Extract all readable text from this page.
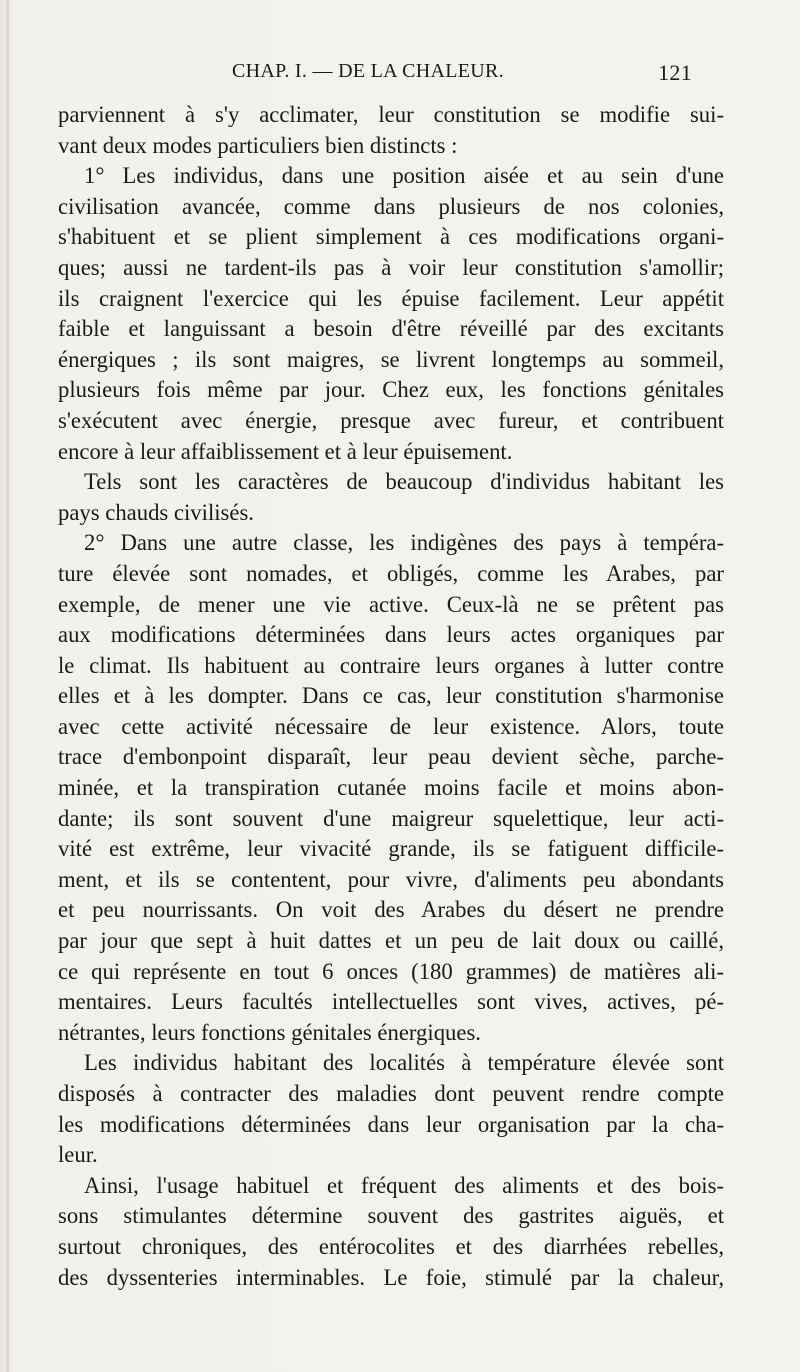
CHAP. I. — DE LA CHALEUR.	121

parviennent à s'y acclimater, leur constitution se modifie sui-

vant deux modes particuliers bien distincts :

1° Les individus, dans une position aisée et au sein d'une

civilisation avancée, comme dans plusieurs de nos colonies,

s'habituent et se plient simplement à ces modifications organi-

ques; aussi ne tardent-ils pas à voir leur constitution s'amollir;

ils craignent l'exercice qui les épuise facilement. Leur appétit

faible et languissant a besoin d'être réveillé par des excitants

énergiques ; ils sont maigres, se livrent longtemps au sommeil,

plusieurs fois même par jour. Chez eux, les fonctions génitales

s'exécutent avec énergie, presque avec fureur, et contribuent

encore à leur affaiblissement et à leur épuisement.

Tels sont les caractères de beaucoup d'individus habitant les

pays chauds civilisés.

2° Dans une autre classe, les indigènes des pays à tempéra-

ture élevée sont nomades, et obligés, comme les Arabes, par

exemple, de mener une vie active. Ceux-là ne se prêtent pas

aux modifications déterminées dans leurs actes organiques par

le climat. Ils habituent au contraire leurs organes à lutter contre

elles et à les dompter. Dans ce cas, leur constitution s'harmonise

avec cette activité nécessaire de leur existence. Alors, toute

trace d'embonpoint disparaît, leur peau devient sèche, parche-

minée, et la transpiration cutanée moins facile et moins abon-

dante; ils sont souvent d'une maigreur squelettique, leur acti-

vité est extrême, leur vivacité grande, ils se fatiguent difficile-

ment, et ils se contentent, pour vivre, d'aliments peu abondants

et peu nourrissants. On voit des Arabes du désert ne prendre

par jour que sept à huit dattes et un peu de lait doux ou caillé,

ce qui représente en tout 6 onces (180 grammes) de matières ali-

mentaires. Leurs facultés intellectuelles sont vives, actives, pé-

nétrantes, leurs fonctions génitales énergiques.

Les individus habitant des localités à température élevée sont

disposés à contracter des maladies dont peuvent rendre compte

les modifications déterminées dans leur organisation par la cha-

leur.

Ainsi, l'usage habituel et fréquent des aliments et des bois-

sons stimulantes détermine souvent des gastrites aiguës, et

surtout chroniques, des entérocolites et des diarrhées rebelles,

des dyssenteries interminables. Le foie, stimulé par la chaleur,
